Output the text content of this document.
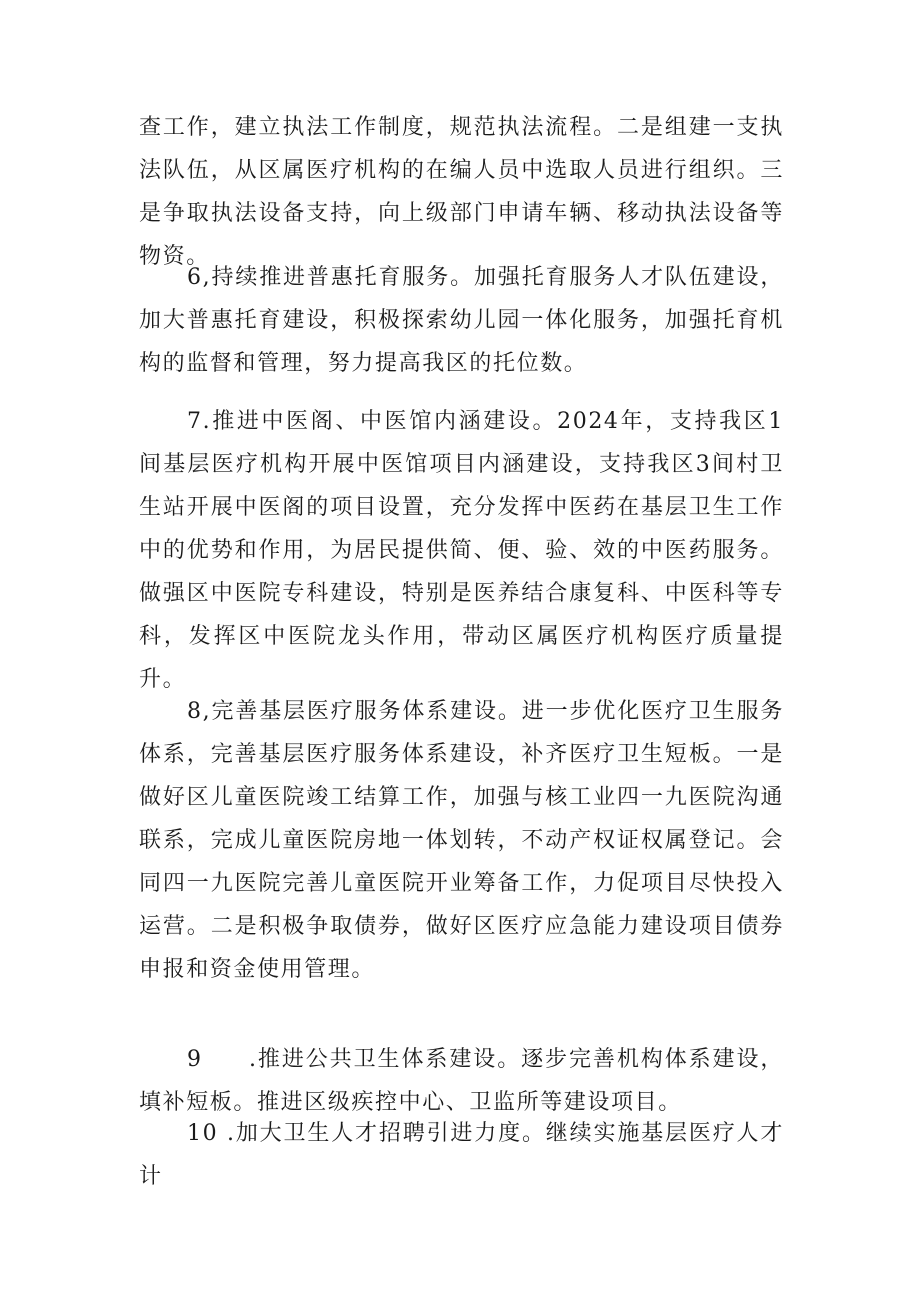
查工作，建立执法工作制度，规范执法流程。二是组建一支执法队伍，从区属医疗机构的在编人员中选取人员进行组织。三是争取执法设备支持，向上级部门申请车辆、移动执法设备等物资。

6,持续推进普惠托育服务。加强托育服务人才队伍建设，加大普惠托育建设，积极探索幼儿园一体化服务，加强托育机构的监督和管理，努力提高我区的托位数。

7.推进中医阁、中医馆内涵建设。2024年，支持我区1间基层医疗机构开展中医馆项目内涵建设，支持我区3间村卫生站开展中医阁的项目设置，充分发挥中医药在基层卫生工作中的优势和作用，为居民提供简、便、验、效的中医药服务。做强区中医院专科建设，特别是医养结合康复科、中医科等专科，发挥区中医院龙头作用，带动区属医疗机构医疗质量提升。

8,完善基层医疗服务体系建设。进一步优化医疗卫生服务体系，完善基层医疗服务体系建设，补齐医疗卫生短板。一是做好区儿童医院竣工结算工作，加强与核工业四一九医院沟通联系，完成儿童医院房地一体划转，不动产权证权属登记。会同四一九医院完善儿童医院开业筹备工作，力促项目尽快投入运营。二是积极争取债券，做好区医疗应急能力建设项目债券申报和资金使用管理。

9 .推进公共卫生体系建设。逐步完善机构体系建设，填补短板。推进区级疾控中心、卫监所等建设项目。

10 .加大卫生人才招聘引进力度。继续实施基层医疗人才计
